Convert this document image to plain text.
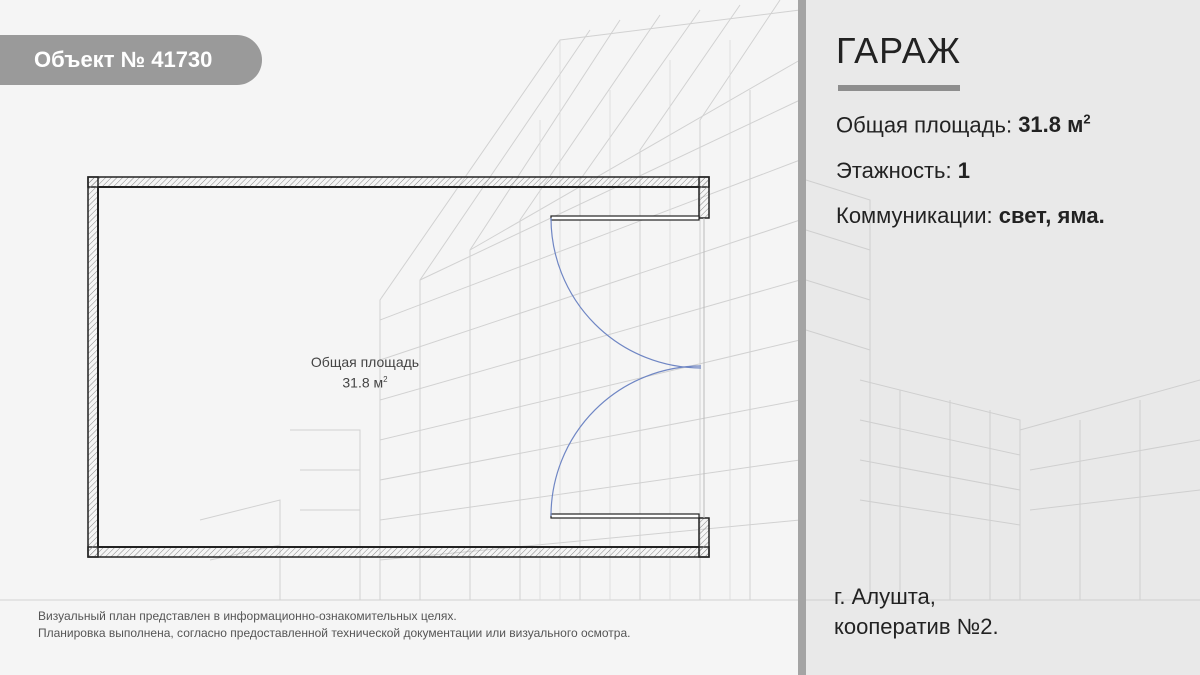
Объект № 41730
Общая площадь
31.8 $м^2$
Визуальный план представлен в информационно-ознакомительных целях.
Планировка выполнена, согласно предоставленной технической документации или визуального осмотра.
ГАРАЖ
Общая площадь: 31.8 $м^2$
Этажность: 1
Коммуникации: свет, яма.
г. Алушта,
кооператив №2.
